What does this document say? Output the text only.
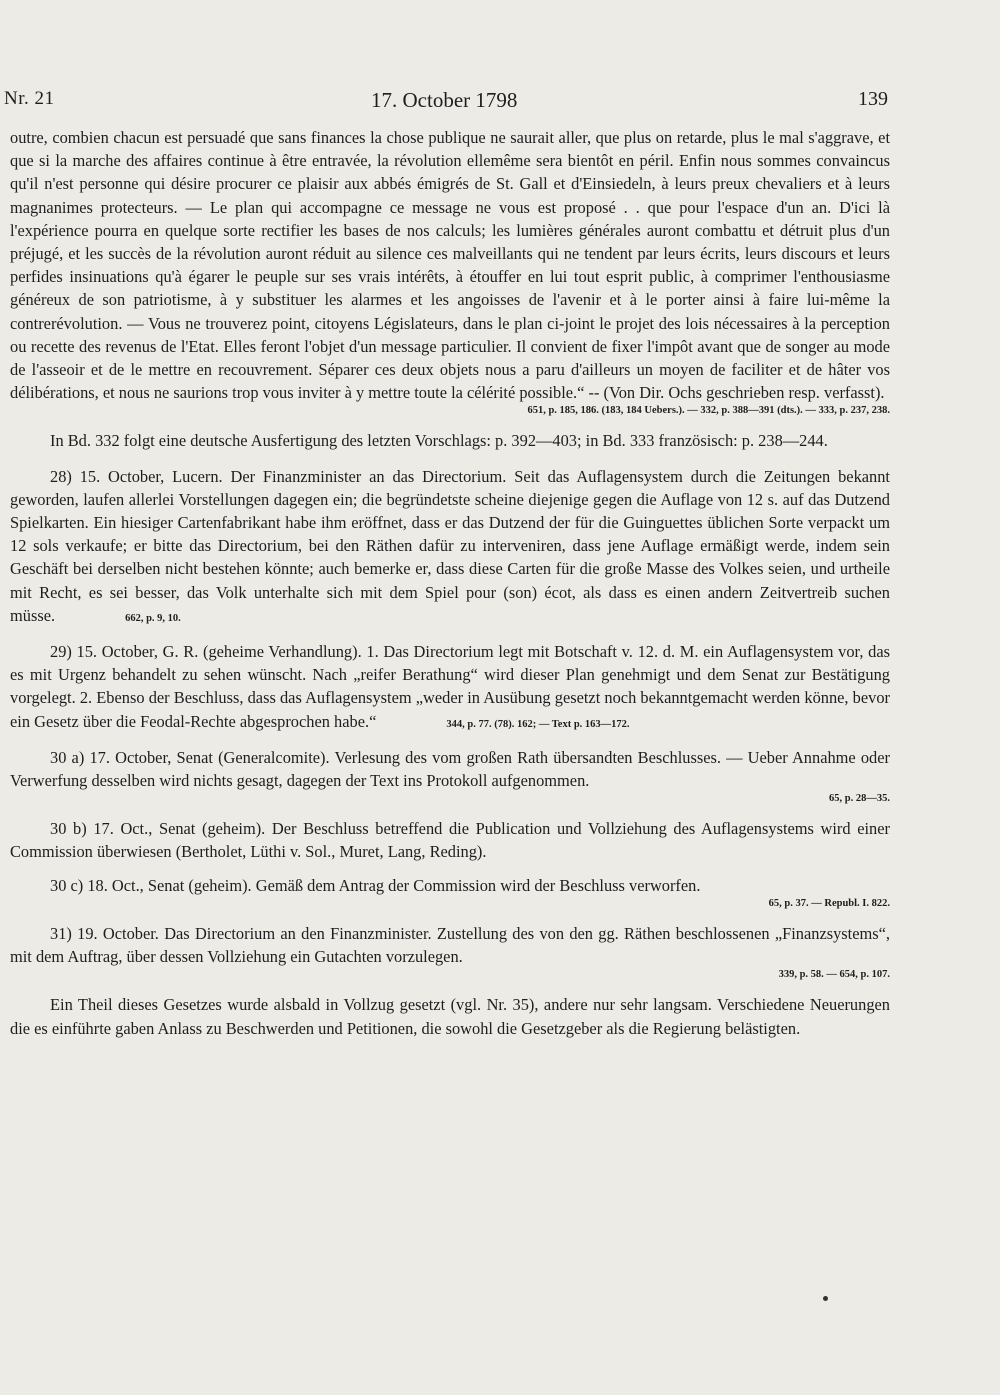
Nr. 21	17. October 1798	139

outre, combien chacun est persuadé que sans finances la chose publique ne saurait aller, que plus on retarde, plus le mal s'aggrave, et que si la marche des affaires continue à être entravée, la révolution ellemême sera bientôt en péril. Enfin nous sommes convaincus qu'il n'est personne qui désire procurer ce plaisir aux abbés émigrés de St. Gall et d'Einsiedeln, à leurs preux chevaliers et à leurs magnanimes protecteurs. — Le plan qui accompagne ce message ne vous est proposé . . que pour l'espace d'un an. D'ici là l'expérience pourra en quelque sorte rectifier les bases de nos calculs; les lumières générales auront combattu et détruit plus d'un préjugé, et les succès de la révolution auront réduit au silence ces malveillants qui ne tendent par leurs écrits, leurs discours et leurs perfides insinuations qu'à égarer le peuple sur ses vrais intérêts, à étouffer en lui tout esprit public, à comprimer l'enthousiasme généreux de son patriotisme, à y substituer les alarmes et les angoisses de l'avenir et à le porter ainsi à faire lui-même la contrerévolution. — Vous ne trouverez point, citoyens Législateurs, dans le plan ci-joint le projet des lois nécessaires à la perception ou recette des revenus de l'Etat. Elles feront l'objet d'un message particulier. Il convient de fixer l'impôt avant que de songer au mode de l'asseoir et de le mettre en recouvrement. Séparer ces deux objets nous a paru d'ailleurs un moyen de faciliter et de hâter vos délibérations, et nous ne saurions trop vous inviter à y mettre toute la célérité possible.“ -- (Von Dir. Ochs geschrieben resp. verfasst).
651, p. 185, 186. (183, 184 Uebers.). — 332, p. 388—391 (dts.). — 333, p. 237, 238.

In Bd. 332 folgt eine deutsche Ausfertigung des letzten Vorschlags: p. 392—403; in Bd. 333 französisch: p. 238—244.

28) 15. October, Lucern. Der Finanzminister an das Directorium. Seit das Auflagensystem durch die Zeitungen bekannt geworden, laufen allerlei Vorstellungen dagegen ein; die begründetste scheine diejenige gegen die Auflage von 12 s. auf das Dutzend Spielkarten. Ein hiesiger Cartenfabrikant habe ihm eröffnet, dass er das Dutzend der für die Guinguettes üblichen Sorte verpackt um 12 sols verkaufe; er bitte das Directorium, bei den Räthen dafür zu interveniren, dass jene Auflage ermäßigt werde, indem sein Geschäft bei derselben nicht bestehen könnte; auch bemerke er, dass diese Carten für die große Masse des Volkes seien, und urtheile mit Recht, es sei besser, das Volk unterhalte sich mit dem Spiel pour (son) écot, als dass es einen andern Zeitvertreib suchen müsse.	662, p. 9, 10.

29) 15. October, G. R. (geheime Verhandlung). 1. Das Directorium legt mit Botschaft v. 12. d. M. ein Auflagensystem vor, das es mit Urgenz behandelt zu sehen wünscht. Nach „reifer Berathung“ wird dieser Plan genehmigt und dem Senat zur Bestätigung vorgelegt. 2. Ebenso der Beschluss, dass das Auflagensystem „weder in Ausübung gesetzt noch bekanntgemacht werden könne, bevor ein Gesetz über die Feodal-Rechte abgesprochen habe.“	344, p. 77. (78). 162; — Text p. 163—172.

30 a) 17. October, Senat (Generalcomite). Verlesung des vom großen Rath übersandten Beschlusses. — Ueber Annahme oder Verwerfung desselben wird nichts gesagt, dagegen der Text ins Protokoll aufgenommen.
65, p. 28—35.

30 b) 17. Oct., Senat (geheim). Der Beschluss betreffend die Publication und Vollziehung des Auflagensystems wird einer Commission überwiesen (Bertholet, Lüthi v. Sol., Muret, Lang, Reding).

30 c) 18. Oct., Senat (geheim). Gemäß dem Antrag der Commission wird der Beschluss verworfen.
65, p. 37. — Republ. I. 822.

31) 19. October. Das Directorium an den Finanzminister. Zustellung des von den gg. Räthen beschlossenen „Finanzsystems“, mit dem Auftrag, über dessen Vollziehung ein Gutachten vorzulegen.
339, p. 58. — 654, p. 107.

Ein Theil dieses Gesetzes wurde alsbald in Vollzug gesetzt (vgl. Nr. 35), andere nur sehr langsam. Verschiedene Neuerungen die es einführte gaben Anlass zu Beschwerden und Petitionen, die sowohl die Gesetzgeber als die Regierung belästigten.
